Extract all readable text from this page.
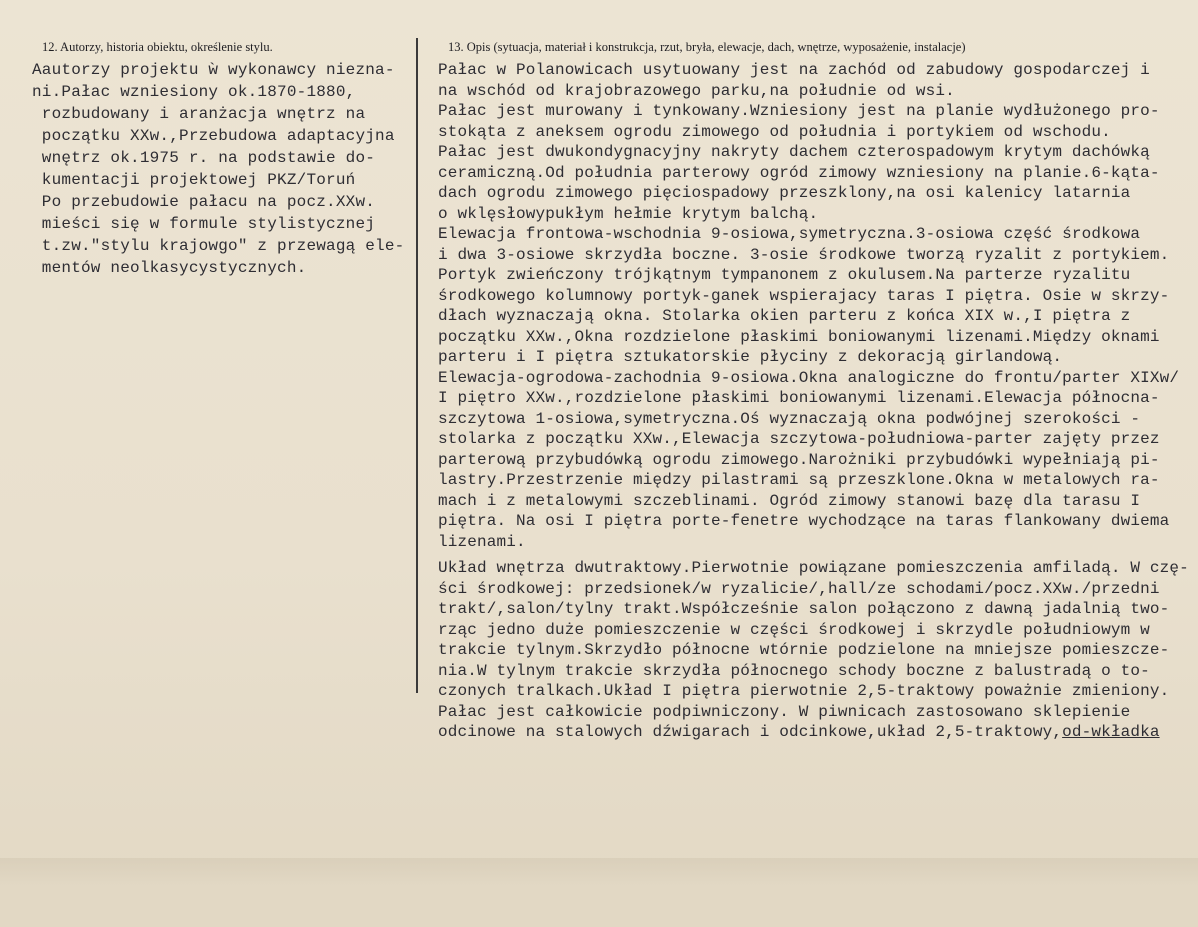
12. Autorzy, historia obiektu, określenie stylu.
Aautorzy projektu ẁ wykonawcy niezna-
ni.Pałac wzniesiony ok.1870-1880,
rozbudowany i aranżacja wnętrz na
początku XXw.,Przebudowa adaptacyjna
wnętrz ok.1975 r. na podstawie do-
kumentacji projektowej PKZ/Toruń
Po przebudowie pałacu na pocz.XXw.
mieści się w formule stylistycznej
t.zw."stylu krajowgo" z przewagą ele-
mentów neolkasycystycznych.
13. Opis (sytuacja, materiał i konstrukcja, rzut, bryła, elewacje, dach, wnętrze, wyposażenie, instalacje)
Pałac w Polanowicach usytuowany jest na zachód od zabudowy gospodarczej i
na wschód od krajobrazowego parku,na południe od wsi.
Pałac jest murowany i tynkowany.Wzniesiony jest na planie wydłużonego pro-
stokąta z aneksem ogrodu zimowego od południa i portykiem od wschodu.
Pałac jest dwukondygnacyjny nakryty dachem czterospadowym krytym dachówką
ceramiczną.Od południa parterowy ogród zimowy wzniesiony na planie.6-kąta-
dach ogrodu zimowego pięciospadowy przeszklony,na osi kalenicy latarnia
o wklęsłowypukłym hełmie krytym balchą.
Elewacja frontowa-wschodnia 9-osiowa,symetryczna.3-osiowa część środkowa
i dwa 3-osiowe skrzydła boczne. 3-osie środkowe tworzą ryzalit z portykiem.
Portyk zwieńczony trójkątnym tympanonem z okulusem.Na parterze ryzalitu
środkowego kolumnowy portyk-ganek wspierajacy taras I piętra. Osie w skrzy-
dłach wyznaczają okna. Stolarka okien parteru z końca XIX w.,I piętra z
początku XXw.,Okna rozdzielone płaskimi boniowanymi lizenami.Między oknami
parteru i I piętra sztukatorskie płyciny z dekoracją girlandową.
Elewacja-ogrodowa-zachodnia 9-osiowa.Okna analogiczne do frontu/parter XIXw/
I piętro XXw.,rozdzielone płaskimi boniowanymi lizenami.Elewacja północna-
szczytowa 1-osiowa,symetryczna.Oś wyznaczają okna podwójnej szerokości -
stolarka z początku XXw.,Elewacja szczytowa-południowa-parter zajęty przez
parterową przybudówką ogrodu zimowego.Narożniki przybudówki wypełniają pi-
lastry.Przestrzenie między pilastrami są przeszklone.Okna w metalowych ra-
mach i z metalowymi szczeblinami. Ogród zimowy stanowi bazę dla tarasu I
piętra. Na osi I piętra porte-fenetre wychodzące na taras flankowany dwiema
lizenami.
Układ wnętrza dwutraktowy.Pierwotnie powiązane pomieszczenia amfiladą. W czę-
ści środkowej: przedsionek/w ryzalicie/,hall/ze schodami/pocz.XXw./przedni
trakt/,salon/tylny trakt.Współcześnie salon połączono z dawną jadalnią two-
rząc jedno duże pomieszczenie w części środkowej i skrzydle południowym w
trakcie tylnym.Skrzydło północne wtórnie podzielone na mniejsze pomieszcze-
nia.W tylnym trakcie skrzydła północnego schody boczne z balustradą o to-
czonych tralkach.Układ I piętra pierwotnie 2,5-traktowy poważnie zmieniony.
Pałac jest całkowicie podpiwniczony. W piwnicach zastosowano sklepienie
odcinowe na stalowych dźwigarach i odcinkowe,układ 2,5-traktowy,od-wkładka
